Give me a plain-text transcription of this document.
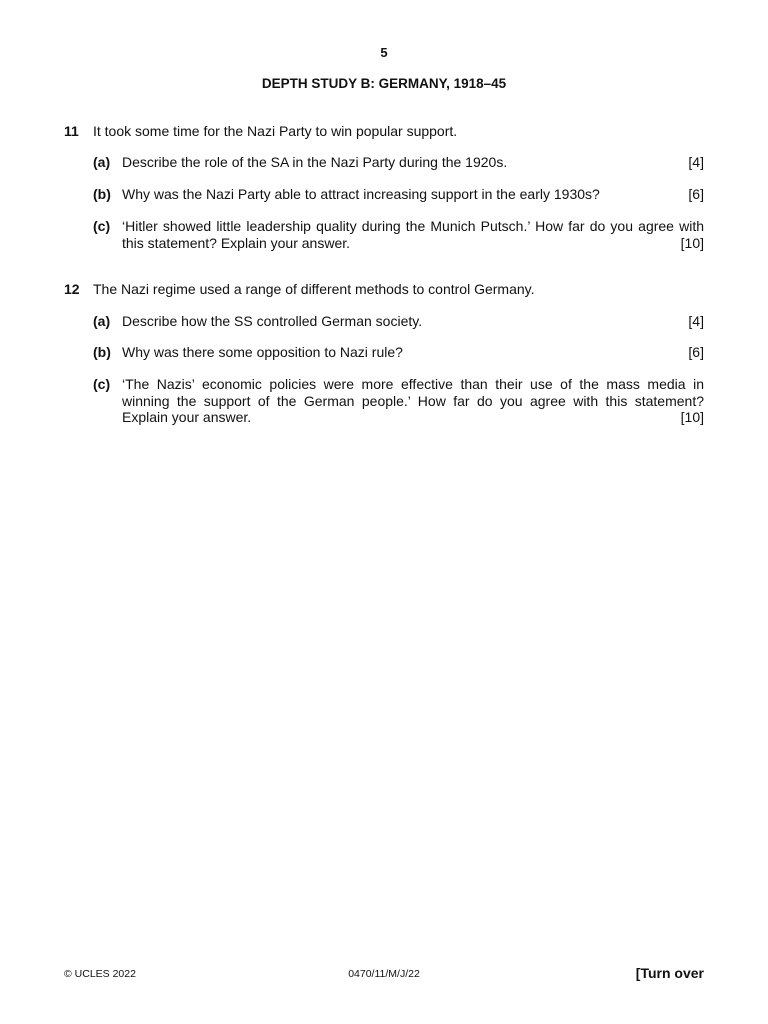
5
DEPTH STUDY B: GERMANY, 1918–45
11	It took some time for the Nazi Party to win popular support.
(a)	[4]
Describe the role of the SA in the Nazi Party during the 1920s.
(b)	[6]
Why was the Nazi Party able to attract increasing support in the early 1930s?
(c) ‘Hitler showed little leadership quality during the Munich Putsch.’ How far do you agree with this statement? Explain your answer.	[10]
12 The Nazi regime used a range of different methods to control Germany.
(a)	[4]
Describe how the SS controlled German society.
(b)	[6]
Why was there some opposition to Nazi rule?
(c) ‘The Nazis’ economic policies were more effective than their use of the mass media in winning the support of the German people.’ How far do you agree with this statement? Explain your answer.	[10]
© UCLES 2022	0470/11/M/J/22	[Turn over
